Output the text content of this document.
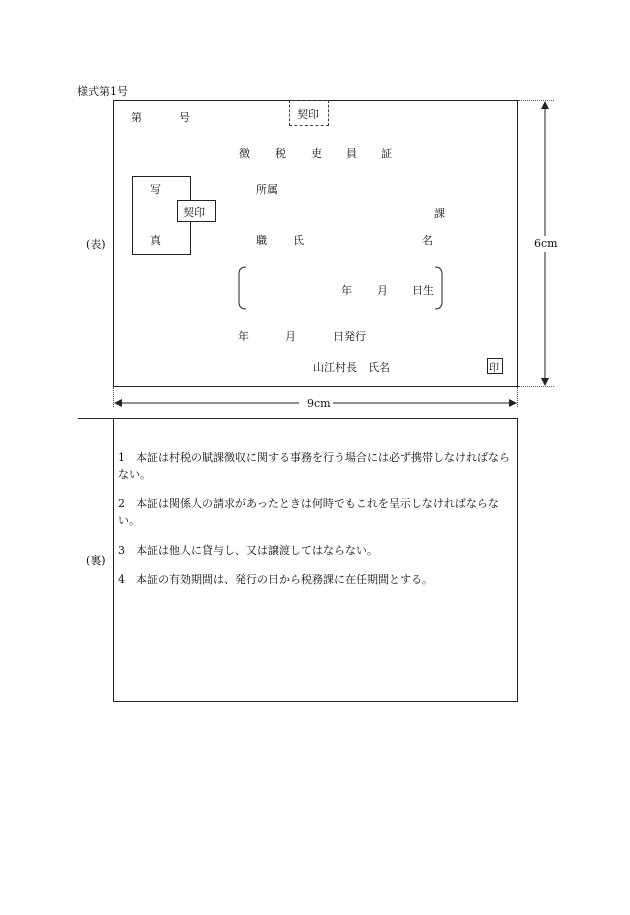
様式第1号
(表)
(裏)
第	号	契印
徴 税 吏 員 証
写
真
契印
所属
課
職 氏	名
年 月 日生
年	月	日発行
山江村長　氏名	印
6cm
9cm
1　本証は村税の賦課徴収に関する事務を行う場合には必ず携帯しなければならない。
2　本証は関係人の請求があったときは何時でもこれを呈示しなければならない。
3　本証は他人に貸与し、又は譲渡してはならない。
4　本証の有効期間は、発行の日から税務課に在任期間とする。
